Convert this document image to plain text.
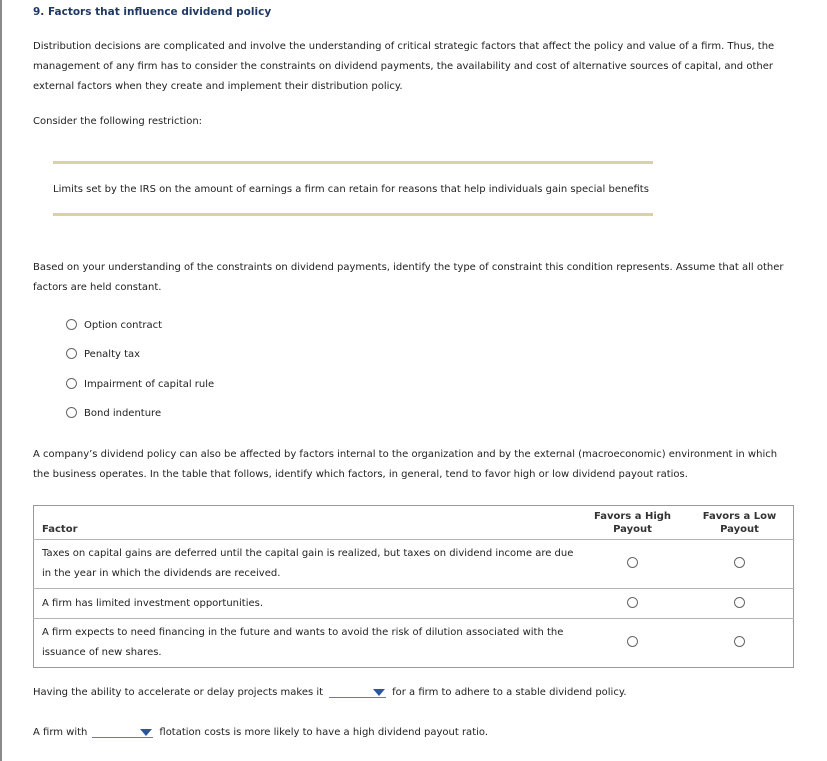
9. Factors that influence dividend policy
Distribution decisions are complicated and involve the understanding of critical strategic factors that affect the policy and value of a firm. Thus, the management of any firm has to consider the constraints on dividend payments, the availability and cost of alternative sources of capital, and other external factors when they create and implement their distribution policy.
Consider the following restriction:
Limits set by the IRS on the amount of earnings a firm can retain for reasons that help individuals gain special benefits
Based on your understanding of the constraints on dividend payments, identify the type of constraint this condition represents. Assume that all other factors are held constant.
Option contract
Penalty tax
Impairment of capital rule
Bond indenture
A company’s dividend policy can also be affected by factors internal to the organization and by the external (macroeconomic) environment in which the business operates. In the table that follows, identify which factors, in general, tend to favor high or low dividend payout ratios.
Factor	Favors a High Payout	Favors a Low Payout
Taxes on capital gains are deferred until the capital gain is realized, but taxes on dividend income are due in the year in which the dividends are received.		
A firm has limited investment opportunities.		
A firm expects to need financing in the future and wants to avoid the risk of dilution associated with the issuance of new shares.		
Having the ability to accelerate or delay projects makes it	for a firm to adhere to a stable dividend policy.
A firm with	flotation costs is more likely to have a high dividend payout ratio.
